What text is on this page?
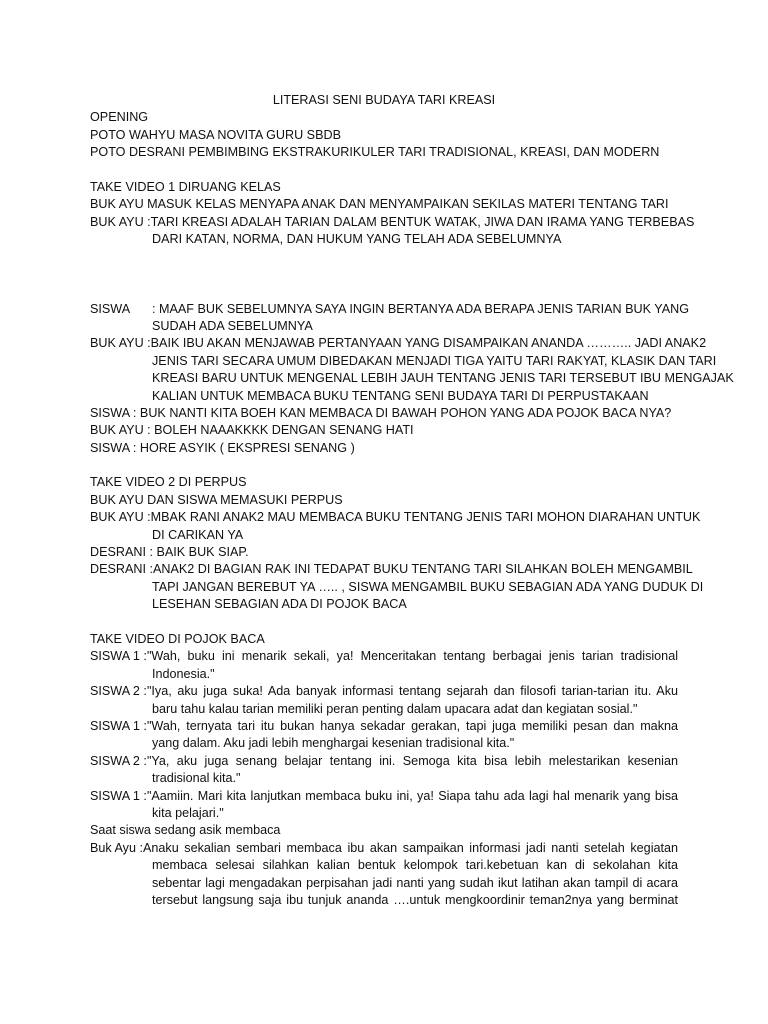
LITERASI SENI BUDAYA TARI KREASI
OPENING
POTO WAHYU MASA NOVITA GURU SBDB
POTO DESRANI PEMBIMBING EKSTRAKURIKULER TARI TRADISIONAL, KREASI, DAN MODERN
TAKE VIDEO 1 DIRUANG KELAS
BUK AYU MASUK KELAS MENYAPA ANAK DAN MENYAMPAIKAN SEKILAS MATERI TENTANG TARI
BUK AYU : TARI KREASI ADALAH TARIAN DALAM BENTUK WATAK, JIWA DAN IRAMA YANG TERBEBAS
DARI KATAN, NORMA, DAN HUKUM YANG TELAH ADA SEBELUMNYA
SISWA	: MAAF BUK SEBELUMNYA SAYA INGIN BERTANYA ADA BERAPA JENIS TARIAN BUK YANG
SUDAH ADA SEBELUMNYA
BUK AYU : BAIK IBU AKAN MENJAWAB PERTANYAAN YANG DISAMPAIKAN ANANDA ……….. JADI ANAK2
JENIS TARI SECARA UMUM DIBEDAKAN MENJADI TIGA YAITU TARI RAKYAT, KLASIK DAN TARI
KREASI BARU UNTUK MENGENAL LEBIH JAUH TENTANG JENIS TARI TERSEBUT IBU MENGAJAK
KALIAN UNTUK MEMBACA BUKU TENTANG SENI BUDAYA TARI DI PERPUSTAKAAN
SISWA : BUK NANTI KITA BOEH KAN MEMBACA DI BAWAH POHON YANG ADA POJOK BACA NYA?
BUK AYU : BOLEH NAAAKKKK DENGAN SENANG HATI
SISWA : HORE ASYIK ( EKSPRESI SENANG )
TAKE VIDEO 2 DI PERPUS
BUK AYU DAN SISWA MEMASUKI PERPUS
BUK AYU : MBAK RANI ANAK2 MAU MEMBACA BUKU TENTANG JENIS TARI MOHON DIARAHAN UNTUK
DI CARIKAN YA
DESRANI : BAIK BUK SIAP.
DESRANI : ANAK2 DI BAGIAN RAK INI TEDAPAT BUKU TENTANG TARI SILAHKAN BOLEH MENGAMBIL
TAPI JANGAN BEREBUT YA ….. , SISWA MENGAMBIL BUKU SEBAGIAN ADA YANG DUDUK DI
LESEHAN SEBAGIAN ADA DI POJOK BACA
TAKE VIDEO DI POJOK BACA
SISWA 1 : "Wah, buku ini menarik sekali, ya! Menceritakan tentang berbagai jenis tarian tradisional
Indonesia."
SISWA 2 : "Iya, aku juga suka! Ada banyak informasi tentang sejarah dan filosofi tarian-tarian itu. Aku
baru tahu kalau tarian memiliki peran penting dalam upacara adat dan kegiatan sosial."
SISWA 1 : "Wah, ternyata tari itu bukan hanya sekadar gerakan, tapi juga memiliki pesan dan makna
yang dalam. Aku jadi lebih menghargai kesenian tradisional kita."
SISWA 2 : "Ya, aku juga senang belajar tentang ini. Semoga kita bisa lebih melestarikan kesenian
tradisional kita."
SISWA 1 : "Aamiin. Mari kita lanjutkan membaca buku ini, ya! Siapa tahu ada lagi hal menarik yang bisa
kita pelajari."
Saat siswa sedang asik membaca
Buk Ayu : Anaku sekalian sembari membaca ibu akan sampaikan informasi jadi nanti setelah kegiatan
membaca selesai silahkan kalian bentuk kelompok tari.kebetuan kan di sekolahan kita
sebentar lagi mengadakan perpisahan jadi nanti yang sudah ikut latihan akan tampil di acara
tersebut langsung saja ibu tunjuk ananda ….untuk mengkoordinir teman2nya yang berminat
